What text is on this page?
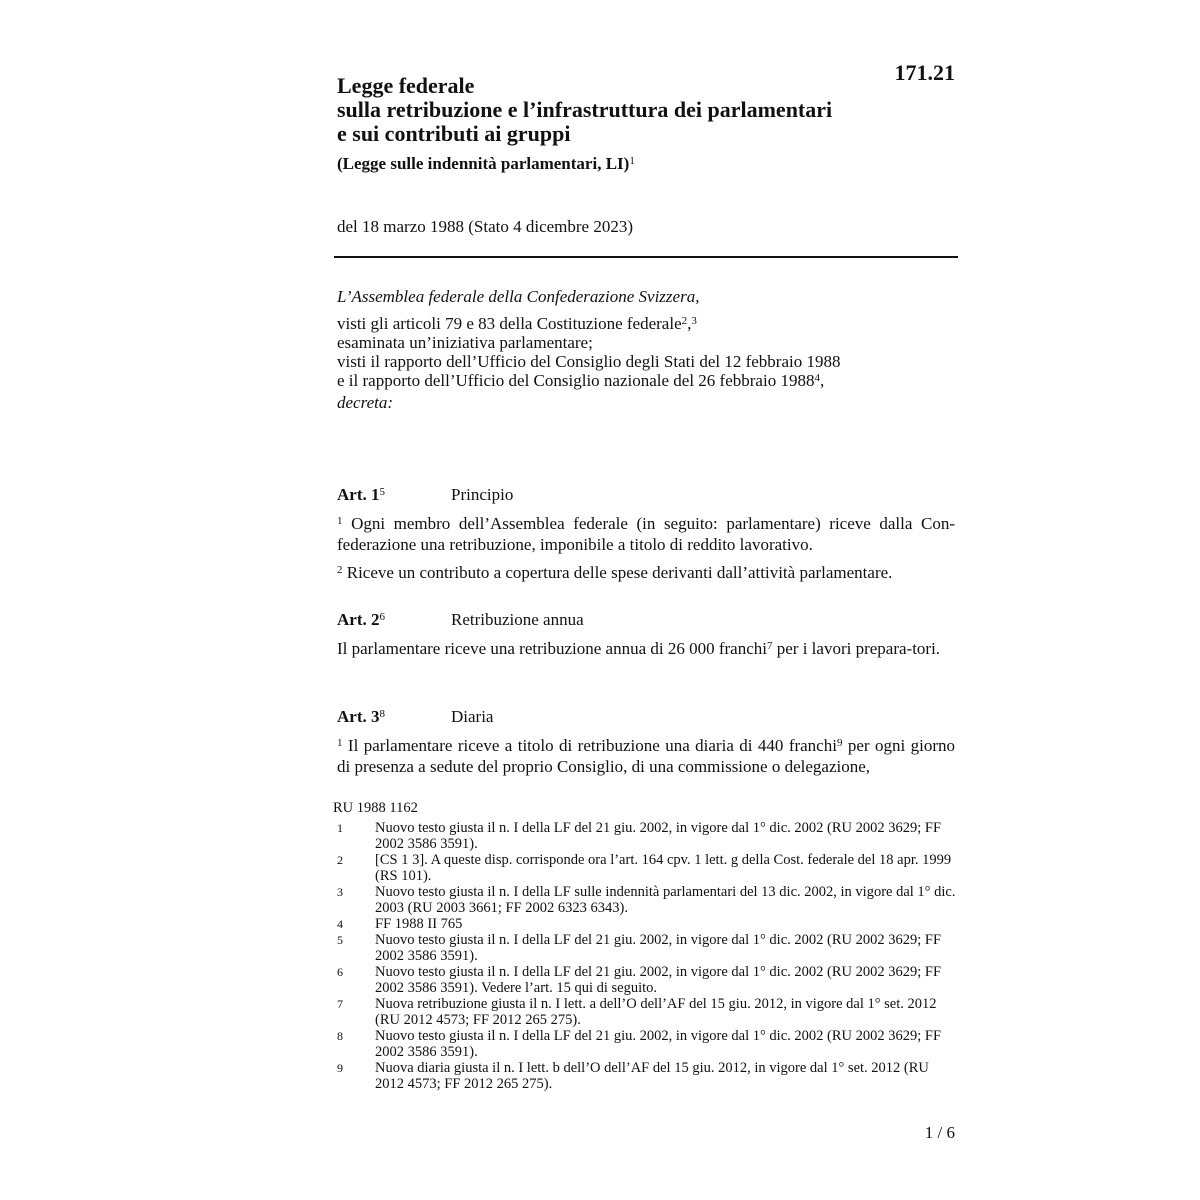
171.21
Legge federale
sulla retribuzione e l’infrastruttura dei parlamentari
e sui contributi ai gruppi
(Legge sulle indennità parlamentari, LI)$^1$
del 18 marzo 1988 (Stato 4 dicembre 2023)
L’Assemblea federale della Confederazione Svizzera,
visti gli articoli 79 e 83 della Costituzione federale$^2$,$^3$
esaminata un’iniziativa parlamentare;
visti il rapporto dell’Ufficio del Consiglio degli Stati del 12 febbraio 1988
e il rapporto dell’Ufficio del Consiglio nazionale del 26 febbraio 1988$^4$,
decreta:
Art. $1^5$	Principio
$^1$ Ogni membro dell’Assemblea federale (in seguito: parlamentare) riceve dalla Con-federazione una retribuzione, imponibile a titolo di reddito lavorativo.
$^2$ Riceve un contributo a copertura delle spese derivanti dall’attività parlamentare.
Art. $2^6$	Retribuzione annua
Il parlamentare riceve una retribuzione annua di 26 000 franchi$^7$ per i lavori prepara-tori.
Art. $3^8$	Diaria
$^1$ Il parlamentare riceve a titolo di retribuzione una diaria di 440 franchi$^9$ per ogni giorno di presenza a sedute del proprio Consiglio, di una commissione o delegazione,
RU 1988 1162
1	Nuovo testo giusta il n. I della LF del 21 giu. 2002, in vigore dal 1° dic. 2002 (RU 2002 3629; FF 2002 3586 3591).
2	[CS 1 3]. A queste disp. corrisponde ora l’art. 164 cpv. 1 lett. g della Cost. federale del 18 apr. 1999 (RS 101).
3	Nuovo testo giusta il n. I della LF sulle indennità parlamentari del 13 dic. 2002, in vigore dal 1° dic. 2003 (RU 2003 3661; FF 2002 6323 6343).
4	FF 1988 II 765
5	Nuovo testo giusta il n. I della LF del 21 giu. 2002, in vigore dal 1° dic. 2002 (RU 2002 3629; FF 2002 3586 3591).
6	Nuovo testo giusta il n. I della LF del 21 giu. 2002, in vigore dal 1° dic. 2002 (RU 2002 3629; FF 2002 3586 3591). Vedere l’art. 15 qui di seguito.
7	Nuova retribuzione giusta il n. I lett. a dell’O dell’AF del 15 giu. 2012, in vigore dal 1° set. 2012 (RU 2012 4573; FF 2012 265 275).
8	Nuovo testo giusta il n. I della LF del 21 giu. 2002, in vigore dal 1° dic. 2002 (RU 2002 3629; FF 2002 3586 3591).
9	Nuova diaria giusta il n. I lett. b dell’O dell’AF del 15 giu. 2012, in vigore dal 1° set. 2012 (RU 2012 4573; FF 2012 265 275).
1 / 6
